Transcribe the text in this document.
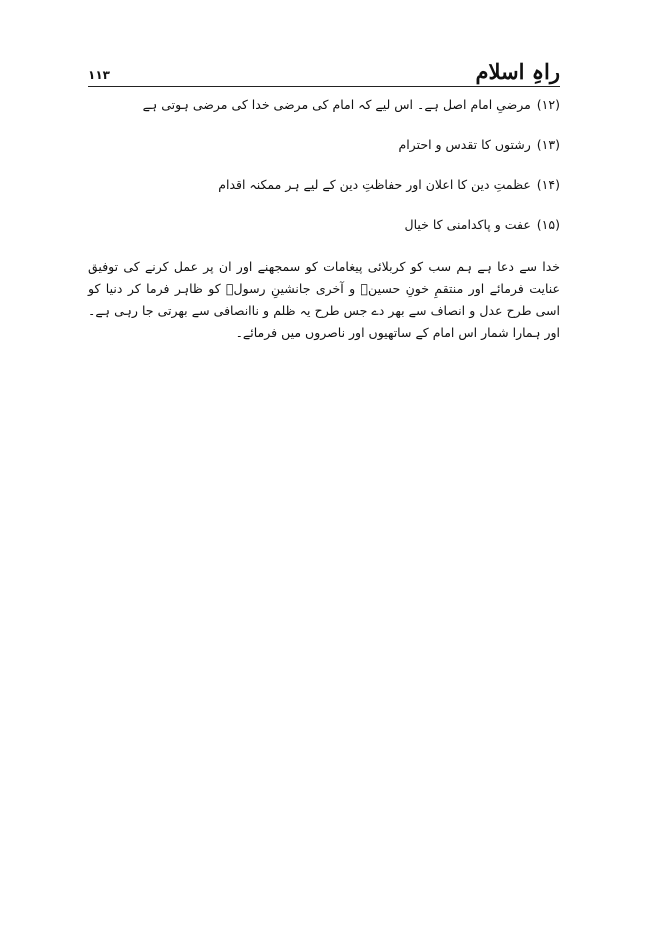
راہِ اسلام
۱۱۳
(۱۲)مرضیِ امام اصل ہے۔ اس لیے کہ امام کی مرضی خدا کی مرضی ہوتی ہے
(۱۳)رشتوں کا تقدس و احترام
(۱۴)عظمتِ دین کا اعلان اور حفاظتِ دین کے لیے ہر ممکنہ اقدام
(۱۵)عفت و پاکدامنی کا خیال

خدا سے دعا ہے ہم سب کو کربلائی پیغامات کو سمجھنے اور ان پر عمل کرنے کی توفیق عنایت فرمائے اور منتقمِ خونِ حسینؑ و آخری جانشینِ رسولؐ کو ظاہر فرما کر دنیا کو اسی طرح عدل و انصاف سے بھر دے جس طرح یہ ظلم و ناانصافی سے بھرتی جا رہی ہے۔ اور ہمارا شمار اس امام کے ساتھیوں اور ناصروں میں فرمائے۔
